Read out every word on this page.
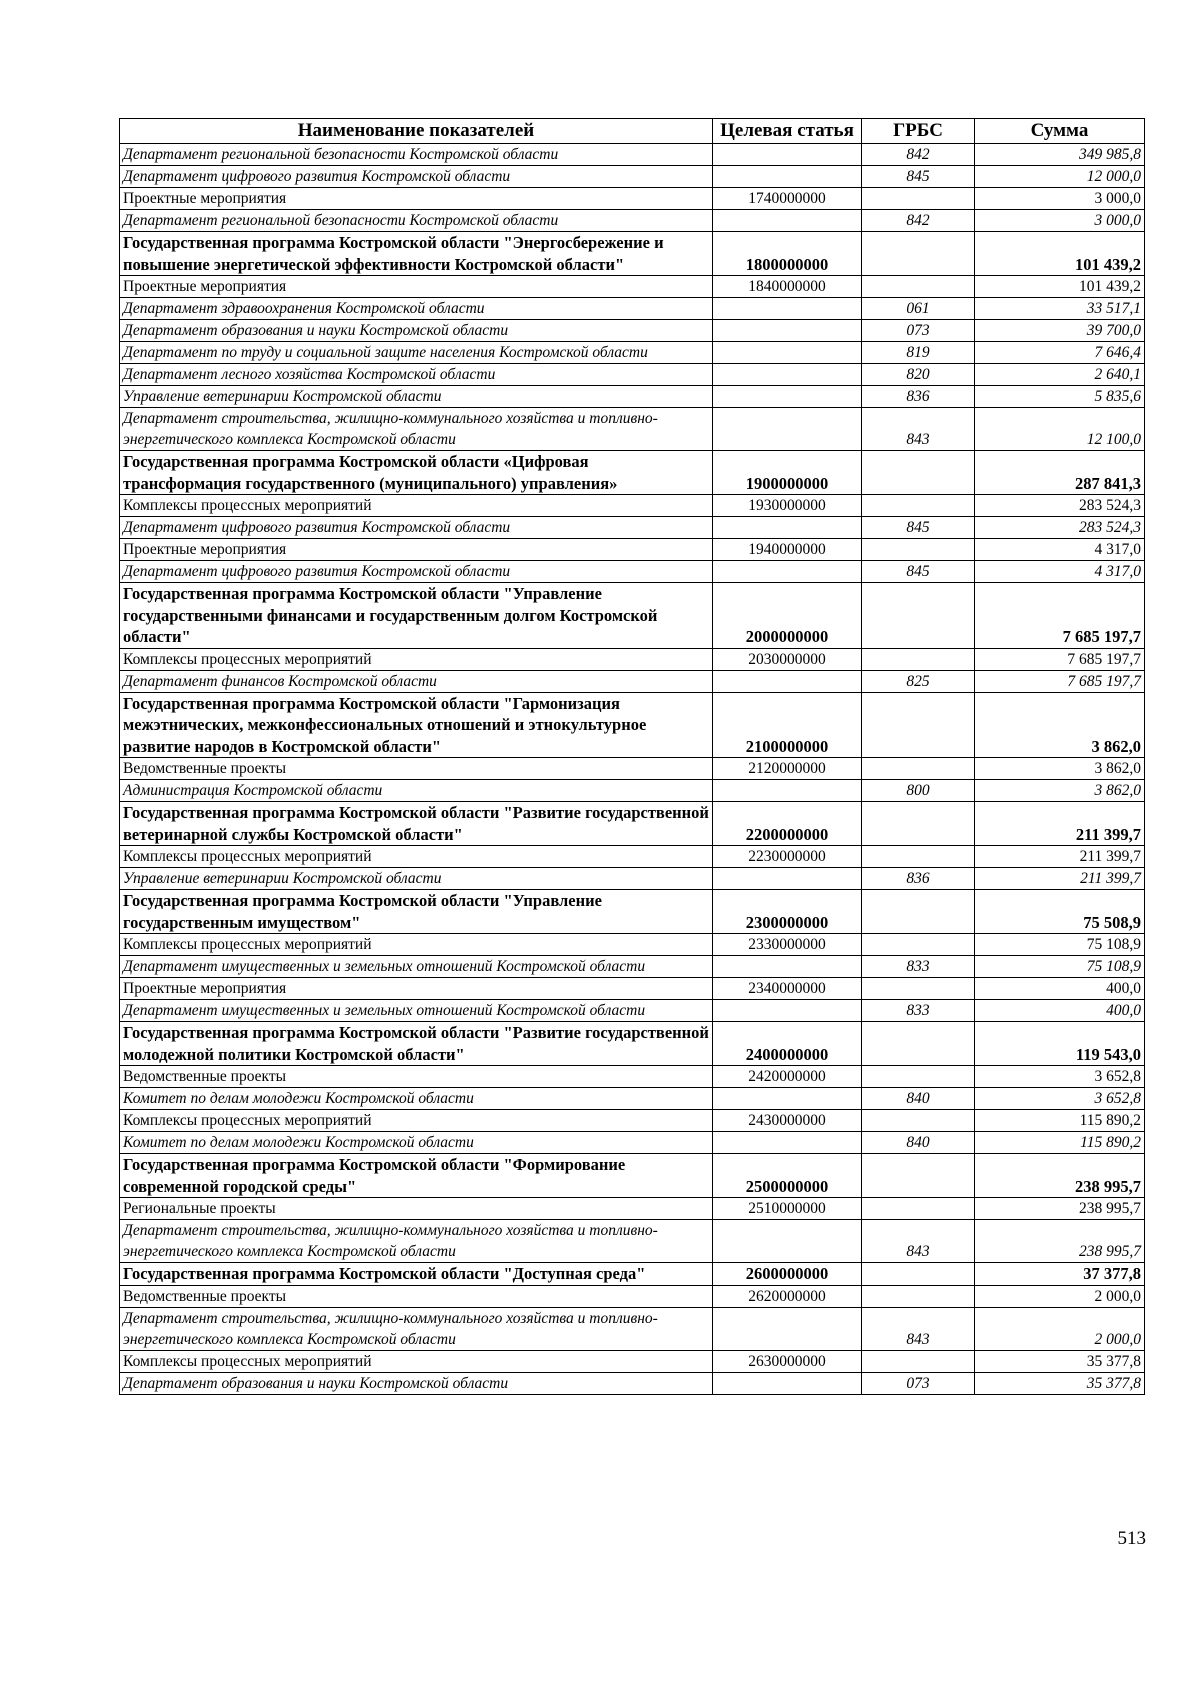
Наименование показателей	Целевая статья	ГРБС	Сумма
Департамент региональной безопасности Костромской области		842	349 985,8
Департамент цифрового развития Костромской области		845	12 000,0
Проектные мероприятия	1740000000		3 000,0
Департамент региональной безопасности Костромской области		842	3 000,0
Государственная программа Костромской области "Энергосбережение и повышение энергетической эффективности Костромской области"	1800000000		101 439,2
Проектные мероприятия	1840000000		101 439,2
Департамент здравоохранения Костромской области		061	33 517,1
Департамент образования и науки Костромской области		073	39 700,0
Департамент по труду и социальной защите населения Костромской области		819	7 646,4
Департамент лесного хозяйства Костромской области		820	2 640,1
Управление ветеринарии Костромской области		836	5 835,6
Департамент строительства, жилищно-коммунального хозяйства и топливно-энергетического комплекса Костромской области		843	12 100,0
Государственная программа Костромской области «Цифровая трансформация государственного (муниципального) управления»	1900000000		287 841,3
Комплексы процессных мероприятий	1930000000		283 524,3
Департамент цифрового развития Костромской области		845	283 524,3
Проектные мероприятия	1940000000		4 317,0
Департамент цифрового развития Костромской области		845	4 317,0
Государственная программа Костромской области "Управление государственными финансами и государственным долгом Костромской области"	2000000000		7 685 197,7
Комплексы процессных мероприятий	2030000000		7 685 197,7
Департамент финансов Костромской области		825	7 685 197,7
Государственная программа Костромской области "Гармонизация межэтнических, межконфессиональных отношений и этнокультурное развитие народов в Костромской области"	2100000000		3 862,0
Ведомственные проекты	2120000000		3 862,0
Администрация Костромской области		800	3 862,0
Государственная программа Костромской области "Развитие государственной ветеринарной службы Костромской области"	2200000000		211 399,7
Комплексы процессных мероприятий	2230000000		211 399,7
Управление ветеринарии Костромской области		836	211 399,7
Государственная программа Костромской области "Управление государственным имуществом"	2300000000		75 508,9
Комплексы процессных мероприятий	2330000000		75 108,9
Департамент имущественных и земельных отношений Костромской области		833	75 108,9
Проектные мероприятия	2340000000		400,0
Департамент имущественных и земельных отношений Костромской области		833	400,0
Государственная программа Костромской области "Развитие государственной молодежной политики Костромской области"	2400000000		119 543,0
Ведомственные проекты	2420000000		3 652,8
Комитет по делам молодежи Костромской области		840	3 652,8
Комплексы процессных мероприятий	2430000000		115 890,2
Комитет по делам молодежи Костромской области		840	115 890,2
Государственная программа Костромской области "Формирование современной городской среды"	2500000000		238 995,7
Региональные проекты	2510000000		238 995,7
Департамент строительства, жилищно-коммунального хозяйства и топливно-энергетического комплекса Костромской области		843	238 995,7
Государственная программа Костромской области "Доступная среда"	2600000000		37 377,8
Ведомственные проекты	2620000000		2 000,0
Департамент строительства, жилищно-коммунального хозяйства и топливно-энергетического комплекса Костромской области		843	2 000,0
Комплексы процессных мероприятий	2630000000		35 377,8
Департамент образования и науки Костромской области		073	35 377,8
513
